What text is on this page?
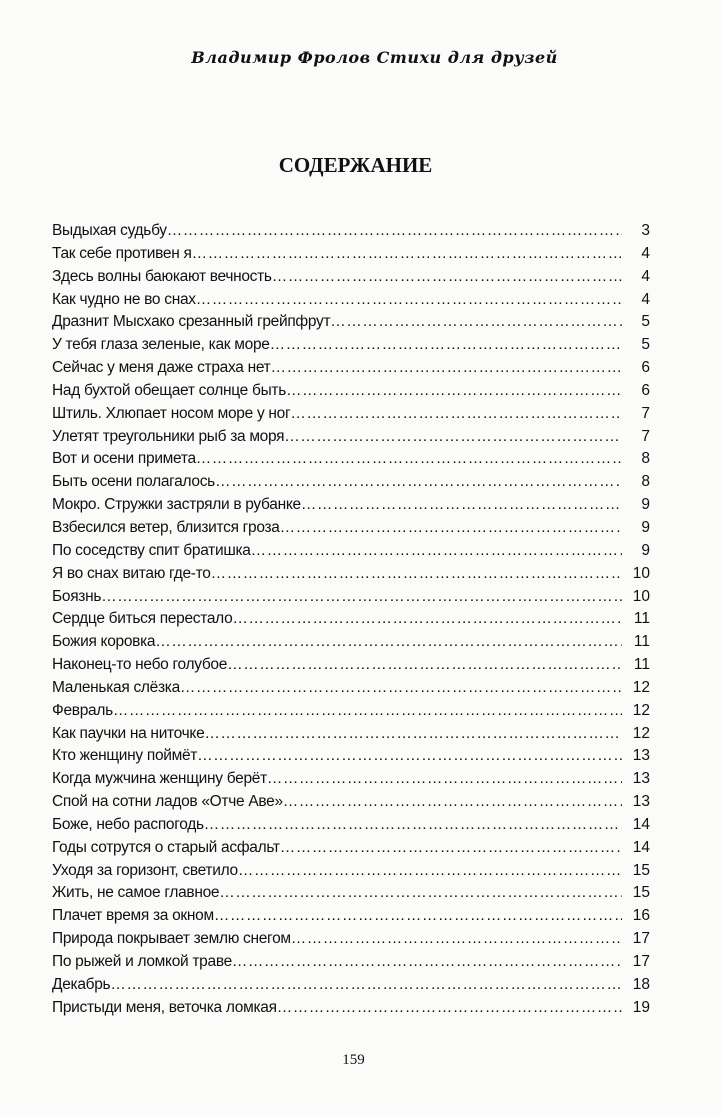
Владимир Фролов Стихи для друзей
СОДЕРЖАНИЕ
Выдыхая судьбу ……………………………………………………………………………………………………………………	3
Так себе противен я ……………………………………………………………………………………………………………………	4
Здесь волны баюкают вечность ……………………………………………………………………………………………………………………	4
Как чудно не во снах ……………………………………………………………………………………………………………………	4
Дразнит Мысхако срезанный грейпфрут ……………………………………………………………………………………………………………………	5
У тебя глаза зеленые, как море ……………………………………………………………………………………………………………………	5
Сейчас у меня даже страха нет ……………………………………………………………………………………………………………………	6
Над бухтой обещает солнце быть ……………………………………………………………………………………………………………………	6
Штиль. Хлюпает носом море у ног ……………………………………………………………………………………………………………………	7
Улетят треугольники рыб за моря ……………………………………………………………………………………………………………………	7
Вот и осени примета ……………………………………………………………………………………………………………………	8
Быть осени полагалось ……………………………………………………………………………………………………………………	8
Мокро. Стружки застряли в рубанке ……………………………………………………………………………………………………………………	9
Взбесился ветер, близится гроза ……………………………………………………………………………………………………………………	9
По соседству спит братишка ……………………………………………………………………………………………………………………	9
Я во снах витаю где-то ……………………………………………………………………………………………………………………	10
Боязнь ……………………………………………………………………………………………………………………	10
Сердце биться перестало ……………………………………………………………………………………………………………………	11
Божия коровка ……………………………………………………………………………………………………………………	11
Наконец-то небо голубое ……………………………………………………………………………………………………………………	11
Маленькая слёзка ……………………………………………………………………………………………………………………	12
Февраль ……………………………………………………………………………………………………………………	12
Как паучки на ниточке ……………………………………………………………………………………………………………………	12
Кто женщину поймёт ……………………………………………………………………………………………………………………	13
Когда мужчина женщину берёт ……………………………………………………………………………………………………………………	13
Спой на сотни ладов «Отче Аве» ……………………………………………………………………………………………………………………	13
Боже, небо распогодь ……………………………………………………………………………………………………………………	14
Годы сотрутся о старый асфальт ……………………………………………………………………………………………………………………	14
Уходя за горизонт, светило ……………………………………………………………………………………………………………………	15
Жить, не самое главное ……………………………………………………………………………………………………………………	15
Плачет время за окном ……………………………………………………………………………………………………………………	16
Природа покрывает землю снегом ……………………………………………………………………………………………………………………	17
По рыжей и ломкой траве ……………………………………………………………………………………………………………………	17
Декабрь ……………………………………………………………………………………………………………………	18
Пристыди меня, веточка ломкая ……………………………………………………………………………………………………………………	19
159
